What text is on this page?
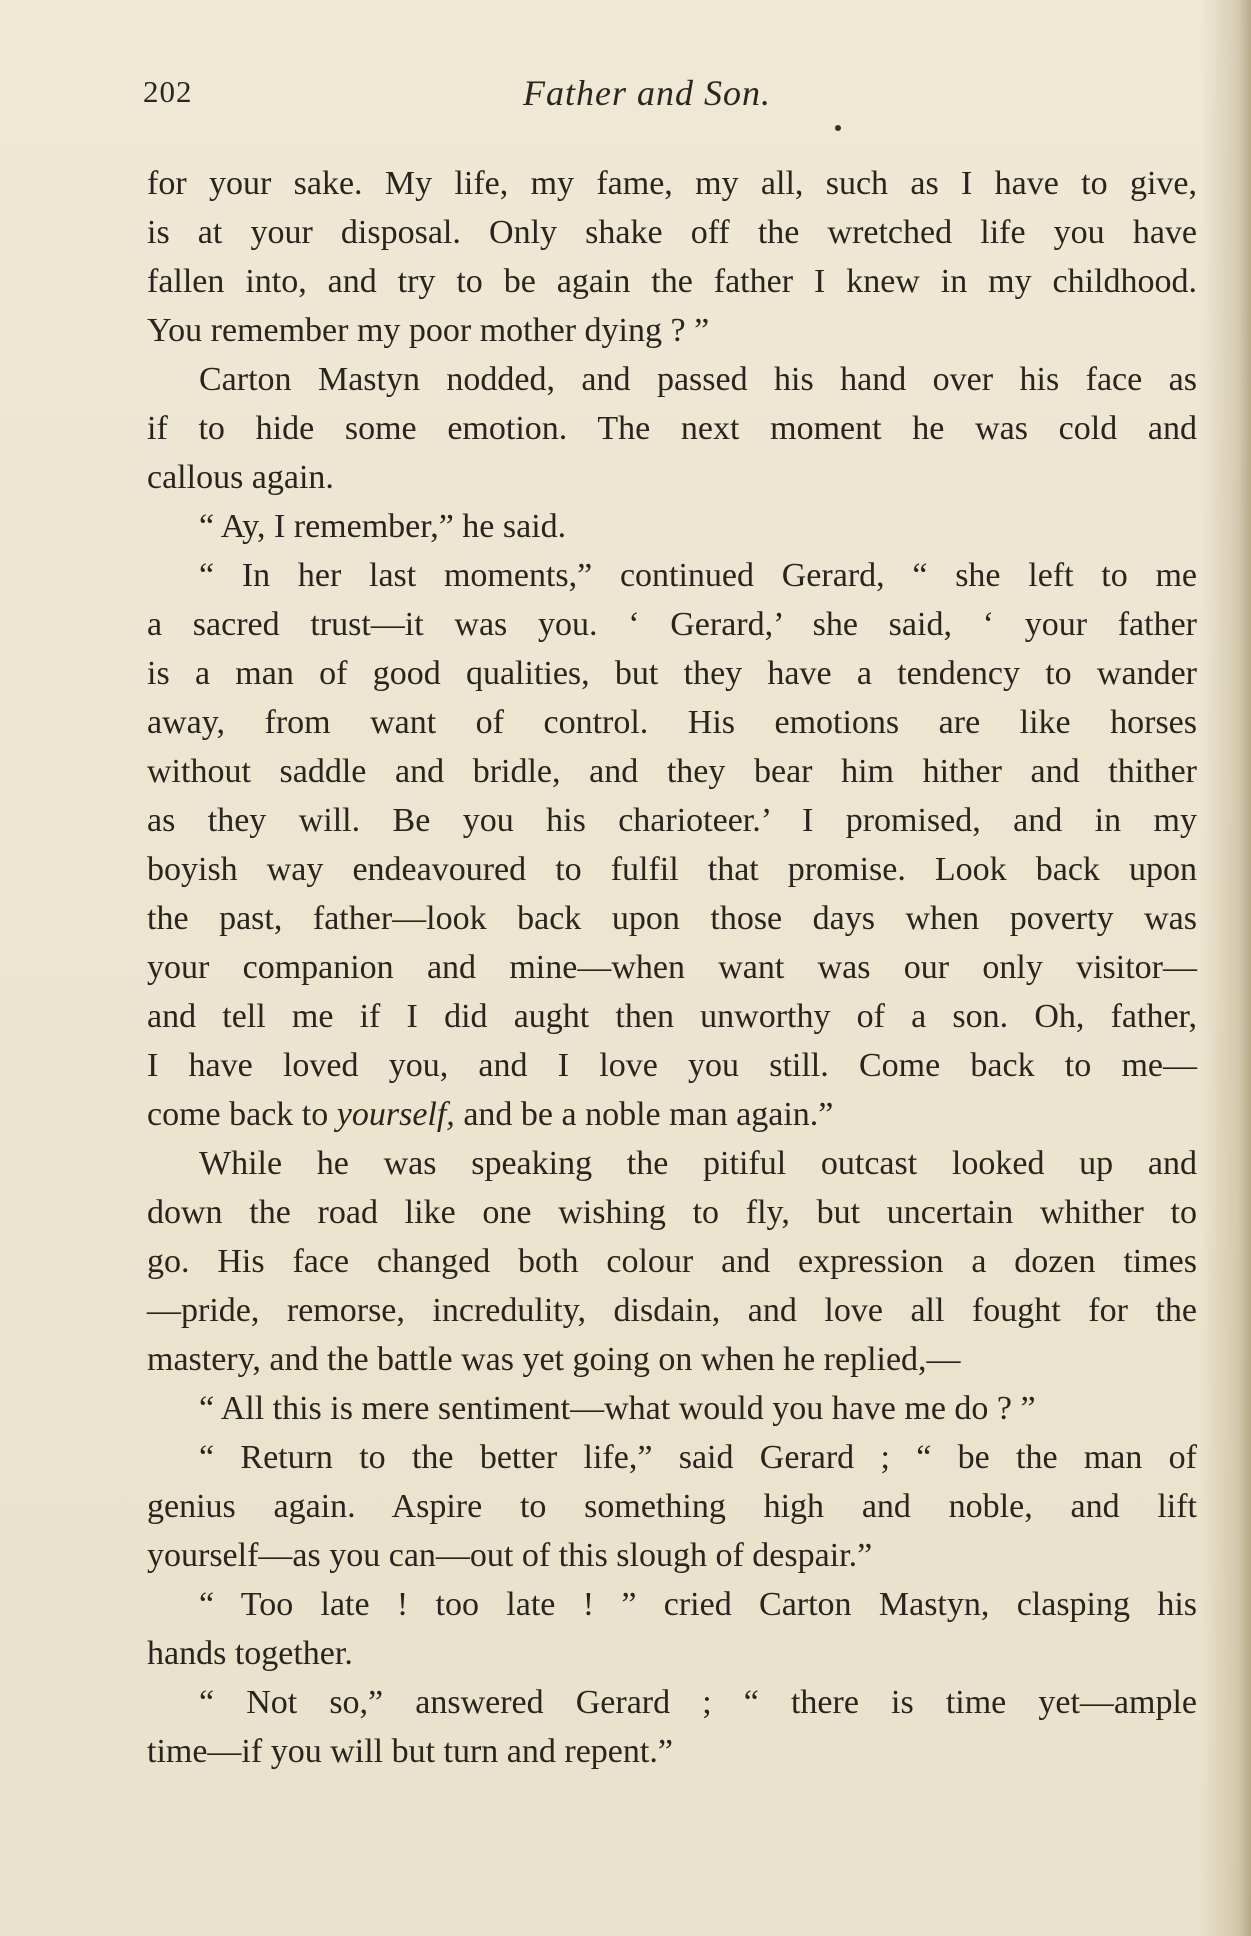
202	Father and Son.
for your sake. My life, my fame, my all, such as I have to give,
is at your disposal. Only shake off the wretched life you have
fallen into, and try to be again the father I knew in my childhood.
You remember my poor mother dying ? ”
Carton Mastyn nodded, and passed his hand over his face as
if to hide some emotion. The next moment he was cold and
callous again.
“ Ay, I remember,” he said.
“ In her last moments,” continued Gerard, “ she left to me
a sacred trust—it was you. ‘ Gerard,’ she said, ‘ your father
is a man of good qualities, but they have a tendency to wander
away, from want of control. His emotions are like horses
without saddle and bridle, and they bear him hither and thither
as they will. Be you his charioteer.’ I promised, and in my
boyish way endeavoured to fulfil that promise. Look back upon
the past, father—look back upon those days when poverty was
your companion and mine—when want was our only visitor—
and tell me if I did aught then unworthy of a son. Oh, father,
I have loved you, and I love you still. Come back to me—
come back to yourself, and be a noble man again.”
While he was speaking the pitiful outcast looked up and
down the road like one wishing to fly, but uncertain whither to
go. His face changed both colour and expression a dozen times
—pride, remorse, incredulity, disdain, and love all fought for the
mastery, and the battle was yet going on when he replied,—
“ All this is mere sentiment—what would you have me do ? ”
“ Return to the better life,” said Gerard ; “ be the man of
genius again. Aspire to something high and noble, and lift
yourself—as you can—out of this slough of despair.”
“ Too late ! too late ! ” cried Carton Mastyn, clasping his
hands together.
“ Not so,” answered Gerard ; “ there is time yet—ample
time—if you will but turn and repent.”
